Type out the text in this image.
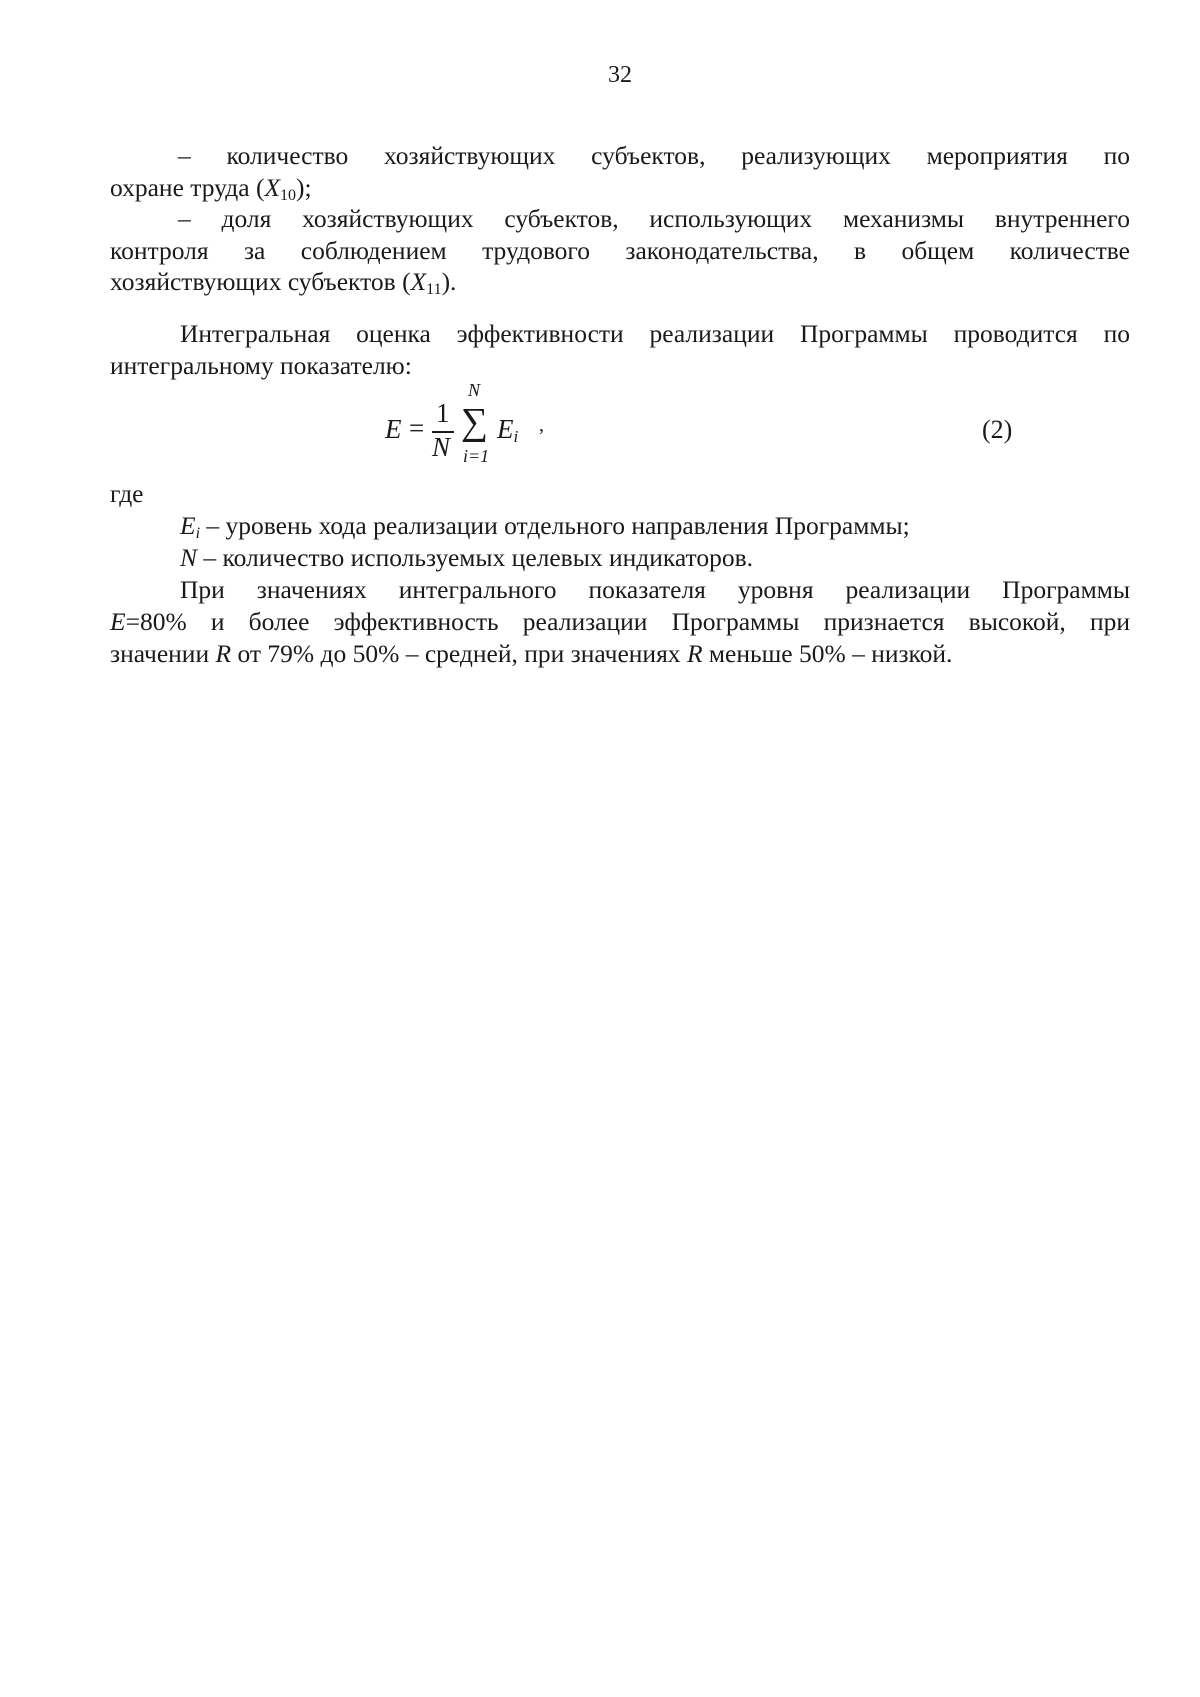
32
– количество хозяйствующих субъектов, реализующих мероприятия по
охране труда $(X_{10})$;
– доля хозяйствующих субъектов, использующих механизмы внутреннего
контроля за соблюдением трудового законодательства, в общем количестве
хозяйствующих субъектов $(X_{11})$.
Интегральная оценка эффективности реализации Программы проводится по
интегральному показателю:
E = 1
N
N
∑
i=1
$E_i$
,	(2)
где
$E_i$ – уровень хода реализации отдельного направления Программы;
N – количество используемых целевых индикаторов.
При значениях интегрального показателя уровня реализации Программы
E=80% и более эффективность реализации Программы признается высокой, при
значении R от 79% до 50% – средней, при значениях R меньше 50% – низкой.
